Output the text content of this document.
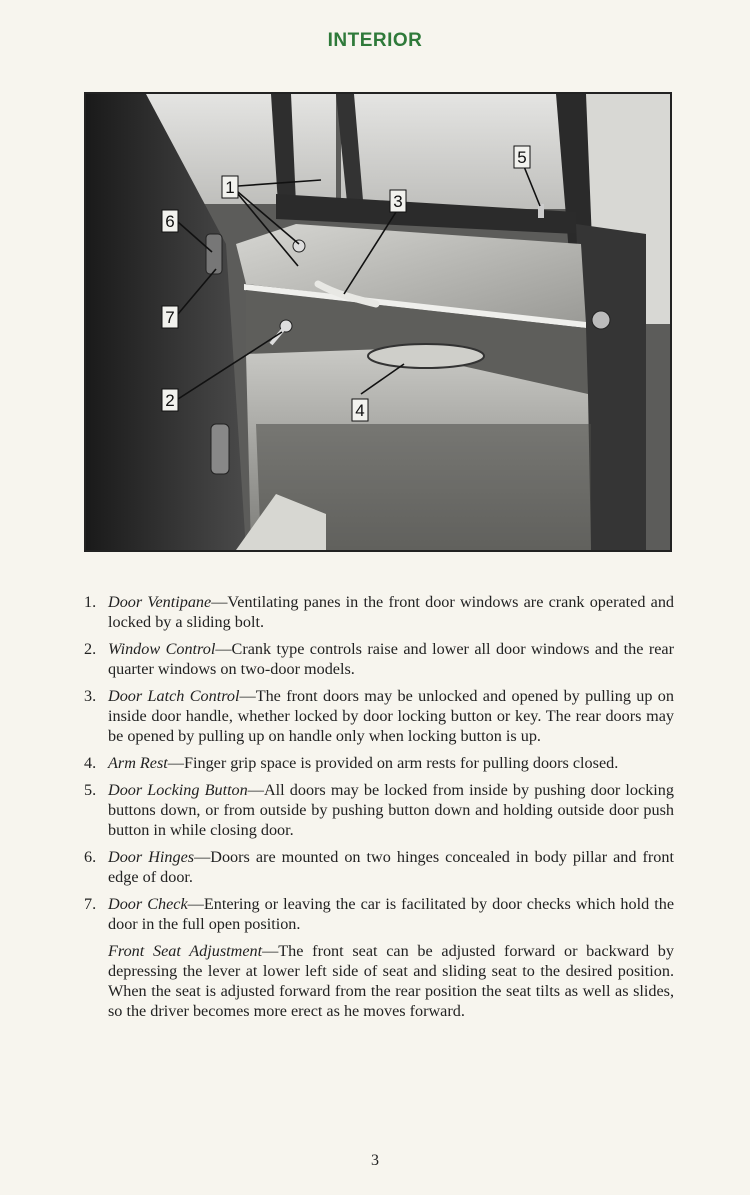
INTERIOR
1
2
3
4
5
6
7
1. Door Ventipane—Ventilating panes in the front door windows are crank operated and locked by a sliding bolt.
2. Window Control—Crank type controls raise and lower all door windows and the rear quarter windows on two-door models.
3. Door Latch Control—The front doors may be unlocked and opened by pulling up on inside door handle, whether locked by door locking button or key. The rear doors may be opened by pulling up on handle only when locking button is up.
4. Arm Rest—Finger grip space is provided on arm rests for pulling doors closed.
5. Door Locking Button—All doors may be locked from inside by pushing door locking buttons down, or from outside by pushing button down and holding outside door push button in while closing door.
6. Door Hinges—Doors are mounted on two hinges concealed in body pillar and front edge of door.
7. Door Check—Entering or leaving the car is facilitated by door checks which hold the door in the full open position.
Front Seat Adjustment—The front seat can be adjusted forward or backward by depressing the lever at lower left side of seat and sliding seat to the desired position. When the seat is adjusted forward from the rear position the seat tilts as well as slides, so the driver becomes more erect as he moves forward.
3
